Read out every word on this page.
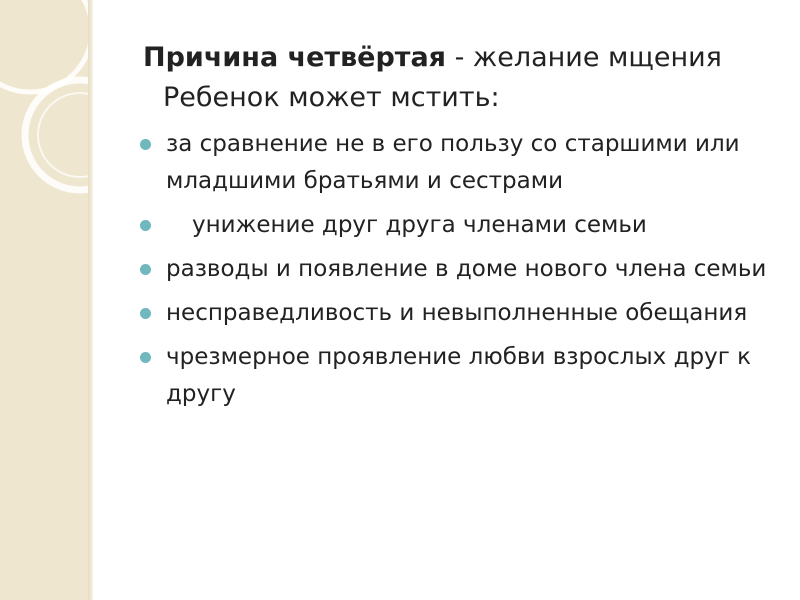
Причина четвёртая - желание мщения
Ребенок может мстить:
за сравнение не в его пользу со старшими или младшими братьями и сестрами
унижение друг друга членами семьи
разводы и появление в доме нового члена семьи
несправедливость и невыполненные обещания
чрезмерное проявление любви взрослых друг к другу
